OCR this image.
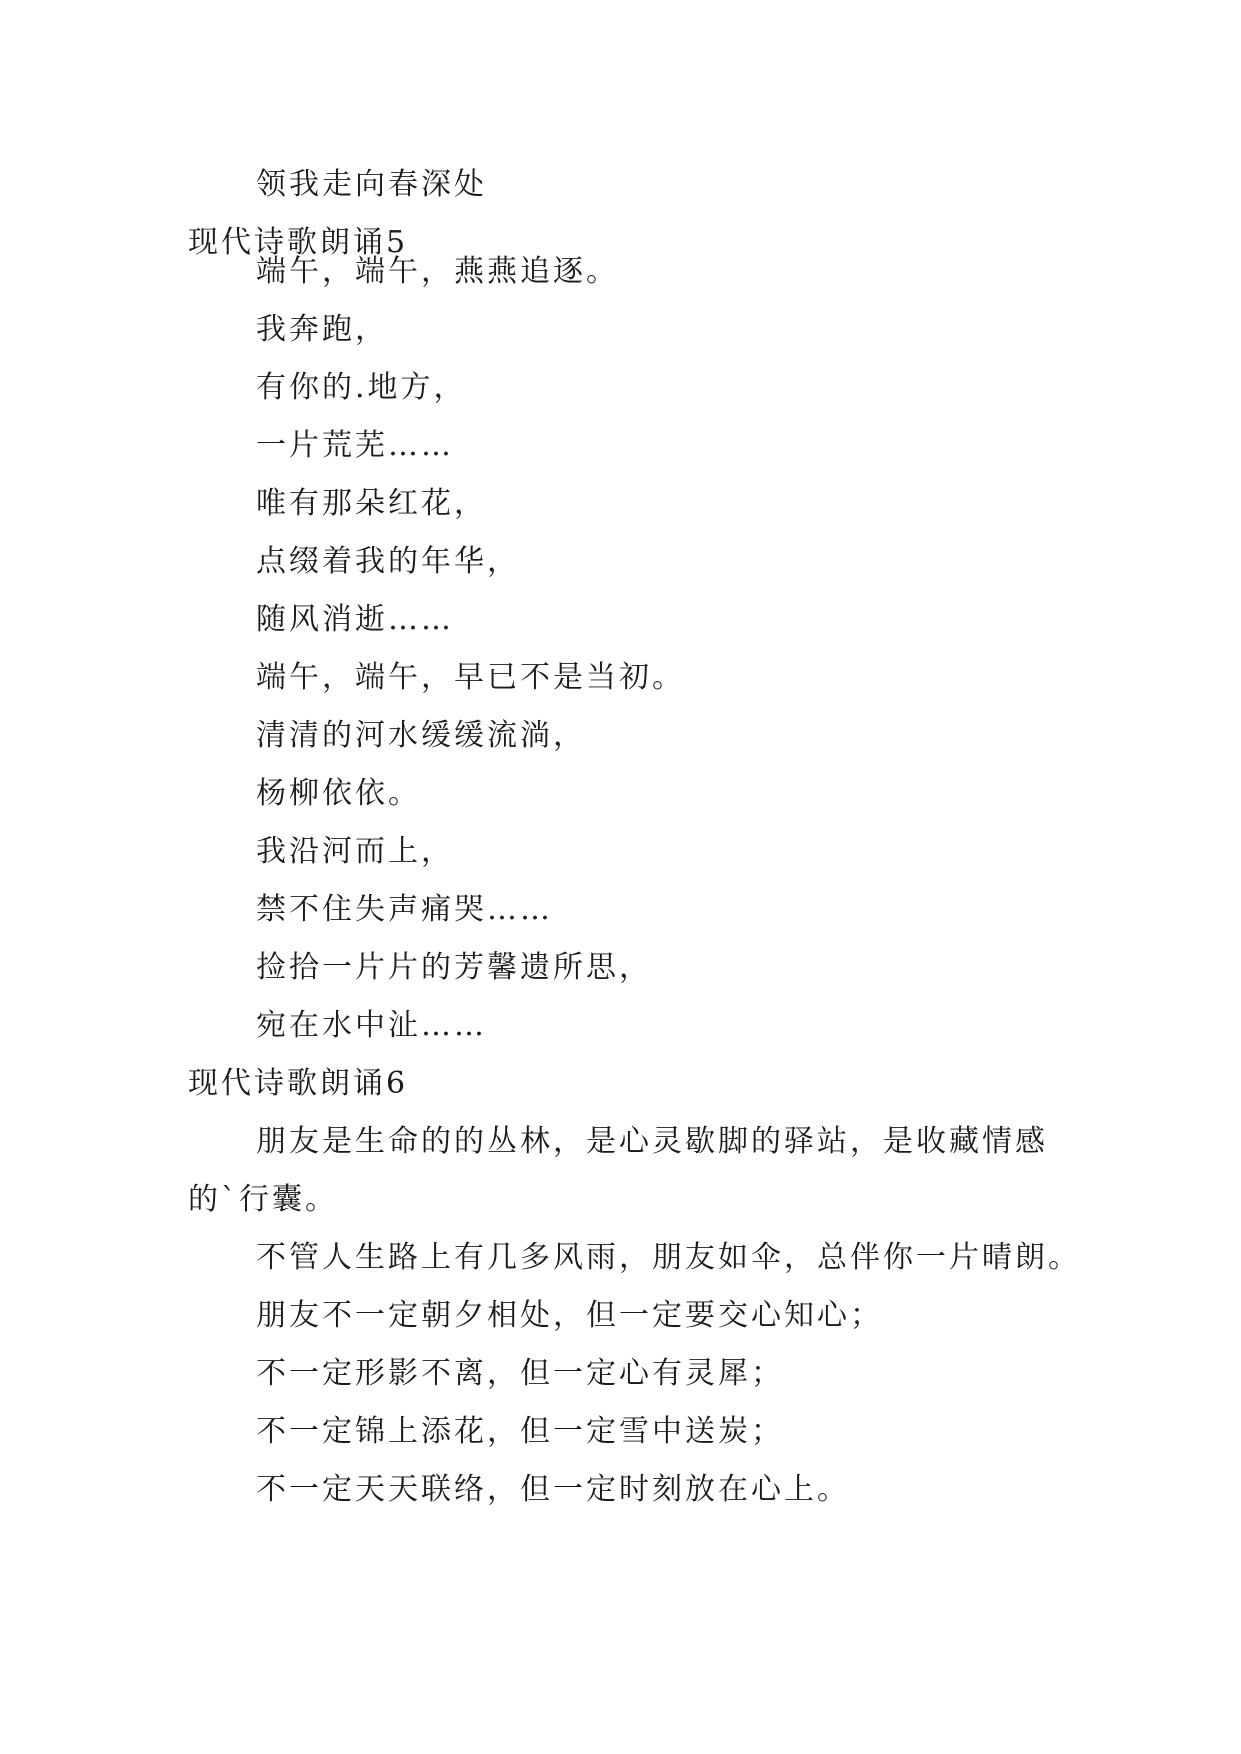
领我走向春深处
现代诗歌朗诵5
端午，端午，燕燕追逐。
我奔跑，
有你的.地方，
一片荒芜……
唯有那朵红花，
点缀着我的年华，
随风消逝……
端午，端午，早已不是当初。
清清的河水缓缓流淌，
杨柳依依。
我沿河而上，
禁不住失声痛哭……
捡拾一片片的芳馨遗所思，
宛在水中沚……
现代诗歌朗诵6
朋友是生命的的丛林，是心灵歇脚的驿站，是收藏情感
的`行囊。
不管人生路上有几多风雨，朋友如伞，总伴你一片晴朗。
朋友不一定朝夕相处，但一定要交心知心；
不一定形影不离，但一定心有灵犀；
不一定锦上添花，但一定雪中送炭；
不一定天天联络，但一定时刻放在心上。
